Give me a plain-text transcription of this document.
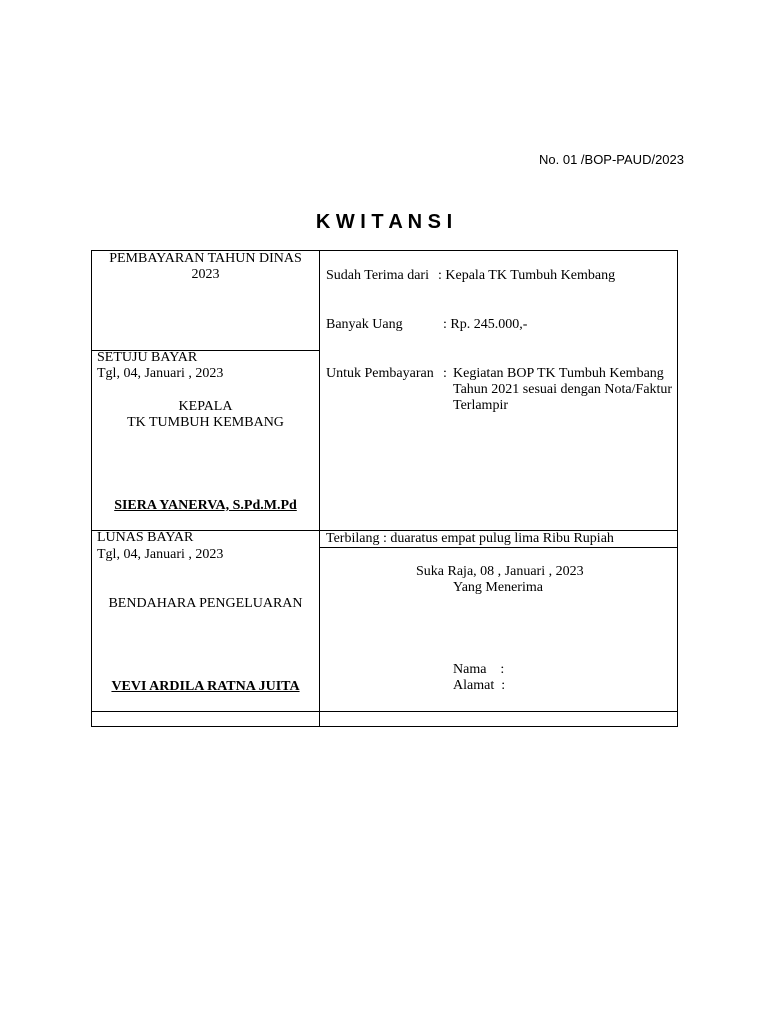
No. 01 /BOP-PAUD/2023
K W I T A N S I
PEMBAYARAN TAHUN DINAS
2023
SETUJU BAYAR
Tgl, 04, Januari , 2023
KEPALA
TK TUMBUH KEMBANG
SIERA YANERVA, S.Pd.M.Pd
LUNAS BAYAR
Tgl, 04, Januari , 2023
BENDAHARA PENGELUARAN
VEVI ARDILA RATNA JUITA
Sudah Terima dari : Kepala TK Tumbuh Kembang
Banyak Uang	: Rp. 245.000,-
Untuk Pembayaran : Kegiatan BOP TK Tumbuh Kembang
Tahun 2021 sesuai dengan Nota/Faktur
Terlampir
Terbilang : duaratus empat pulug lima Ribu Rupiah
Suka Raja, 08 , Januari , 2023
Yang Menerima
Nama    :
Alamat  :
